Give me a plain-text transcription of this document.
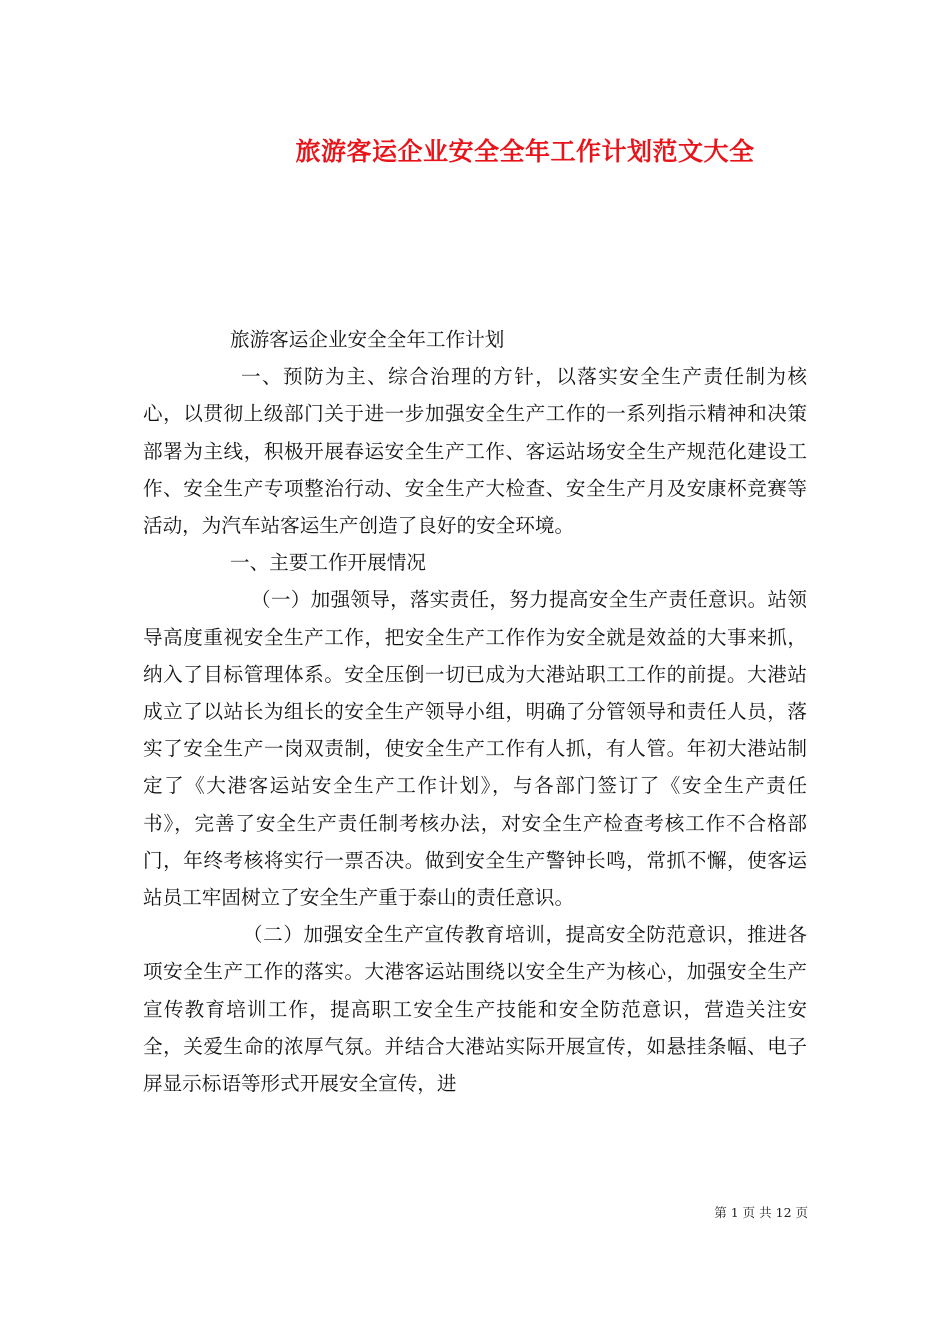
旅游客运企业安全全年工作计划范文大全

旅游客运企业安全全年工作计划

一、预防为主、综合治理的方针，以落实安全生产责任制为核心，以贯彻上级部门关于进一步加强安全生产工作的一系列指示精神和决策部署为主线，积极开展春运安全生产工作、客运站场安全生产规范化建设工作、安全生产专项整治行动、安全生产大检查、安全生产月及安康杯竞赛等活动，为汽车站客运生产创造了良好的安全环境。

一、主要工作开展情况

（一）加强领导，落实责任，努力提高安全生产责任意识。站领导高度重视安全生产工作，把安全生产工作作为安全就是效益的大事来抓，纳入了目标管理体系。安全压倒一切已成为大港站职工工作的前提。大港站成立了以站长为组长的安全生产领导小组，明确了分管领导和责任人员，落实了安全生产一岗双责制，使安全生产工作有人抓，有人管。年初大港站制定了《大港客运站安全生产工作计划》，与各部门签订了《安全生产责任书》，完善了安全生产责任制考核办法，对安全生产检查考核工作不合格部门，年终考核将实行一票否决。做到安全生产警钟长鸣，常抓不懈，使客运站员工牢固树立了安全生产重于泰山的责任意识。

（二）加强安全生产宣传教育培训，提高安全防范意识，推进各项安全生产工作的落实。大港客运站围绕以安全生产为核心，加强安全生产宣传教育培训工作，提高职工安全生产技能和安全防范意识，营造关注安全，关爱生命的浓厚气氛。并结合大港站实际开展宣传，如悬挂条幅、电子屏显示标语等形式开展安全宣传，进

第 1 页 共 12 页
